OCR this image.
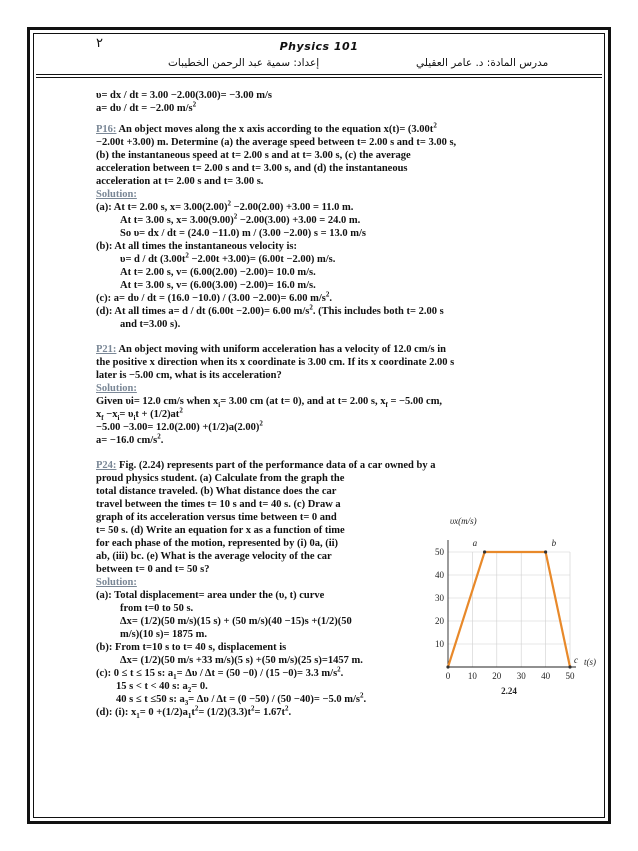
٢	Physics 101
إعداد: سمية عبد الرحمن الخطيبات	مدرس المادة: د. عامر العقيلي
υ= dx / dt = 3.00 −2.00(3.00)= −3.00 m/s
a= dυ / dt = −2.00 $m/s^2$
P16: An object moves along the x axis according to the equation $x(t)= (3.00t^2$
−2.00t +3.00) m. Determine (a) the average speed between t= 2.00 s and t= 3.00 s,
(b) the instantaneous speed at t= 2.00 s and at t= 3.00 s, (c) the average
acceleration between t= 2.00 s and t= 3.00 s, and (d) the instantaneous
acceleration at t= 2.00 s and t= 3.00 s.
Solution:
(a): At t= 2.00 s, $x= 3.00(2.00)^2 -2.00(2.00) +3.00 = 11.0$ m.
At t= 3.00 s, $x= 3.00(9.00)^2 -2.00(3.00) +3.00 = 24.0$ m.
So υ= dx / dt = (24.0 −11.0) m / (3.00 −2.00) s = 13.0 m/s
(b): At all times the instantaneous velocity is:
υ= d / dt $(3.00t^2 -2.00t +3.00)= (6.00t -2.00)$ m/s.
At t= 2.00 s, v= (6.00(2.00) −2.00)= 10.0 m/s.
At t= 3.00 s, v= (6.00(3.00) −2.00)= 16.0 m/s.
(c): a= dυ / dt = (16.0 −10.0) / (3.00 −2.00)= 6.00 $m/s^2$.
(d): At all times a= d / dt (6.00t −2.00)= 6.00 $m/s^2$. (This includes both t= 2.00 s
and t=3.00 s).
P21: An object moving with uniform acceleration has a velocity of 12.0 cm/s in
the positive x direction when its x coordinate is 3.00 cm. If its x coordinate 2.00 s
later is −5.00 cm, what is its acceleration?
Solution:
Given υi= 12.0 cm/s when $x_i= 3.00$ cm (at t= 0), and at t= 2.00 s, $x_f = -5.00$ cm,
$x_f -x_i= \upsilon_it + (1/2)at^2$
$-5.00 -3.00= 12.0(2.00) +(1/2)a(2.00)^2$
a= −16.0 $cm/s^2$.
P24: Fig. (2.24) represents part of the performance data of a car owned by a
proud physics student. (a) Calculate from the graph the
total distance traveled. (b) What distance does the car
travel between the times t= 10 s and t= 40 s. (c) Draw a
graph of its acceleration versus time between t= 0 and
t= 50 s. (d) Write an equation for x as a function of time
for each phase of the motion, represented by (i) 0a, (ii)
ab, (iii) bc. (e) What is the average velocity of the car
between t= 0 and t= 50 s?
Solution:
(a): Total displacement= area under the (υ, t) curve
from t=0 to 50 s.
Δx= (1/2)(50 m/s)(15 s) + (50 m/s)(40 −15)s +(1/2)(50
m/s)(10 s)= 1875 m.
(b): From t=10 s to t= 40 s, displacement is
Δx= (1/2)(50 m/s +33 m/s)(5 s) +(50 m/s)(25 s)=1457 m.
(c): 0 ≤ t ≤ 15 s: $a_1= \Delta\upsilon / \Delta t = (50 -0) / (15 -0)= 3.3$ $m/s^2$.
15 s < t < 40 s: $a_2= 0$.
40 s ≤ t ≤50 s: $a_3= \Delta\upsilon / \Delta t = (0 -50) / (50 -40)= -5.0$ $m/s^2$.
(d): (i): $x_1= 0 +(1/2)a_1t^2= (1/2)(3.3)t^2= 1.67t^2$.
0 10 20 30 40 50
10
20
30
40
50
a	b
c
υx(m/s)
t(s)
2.24
